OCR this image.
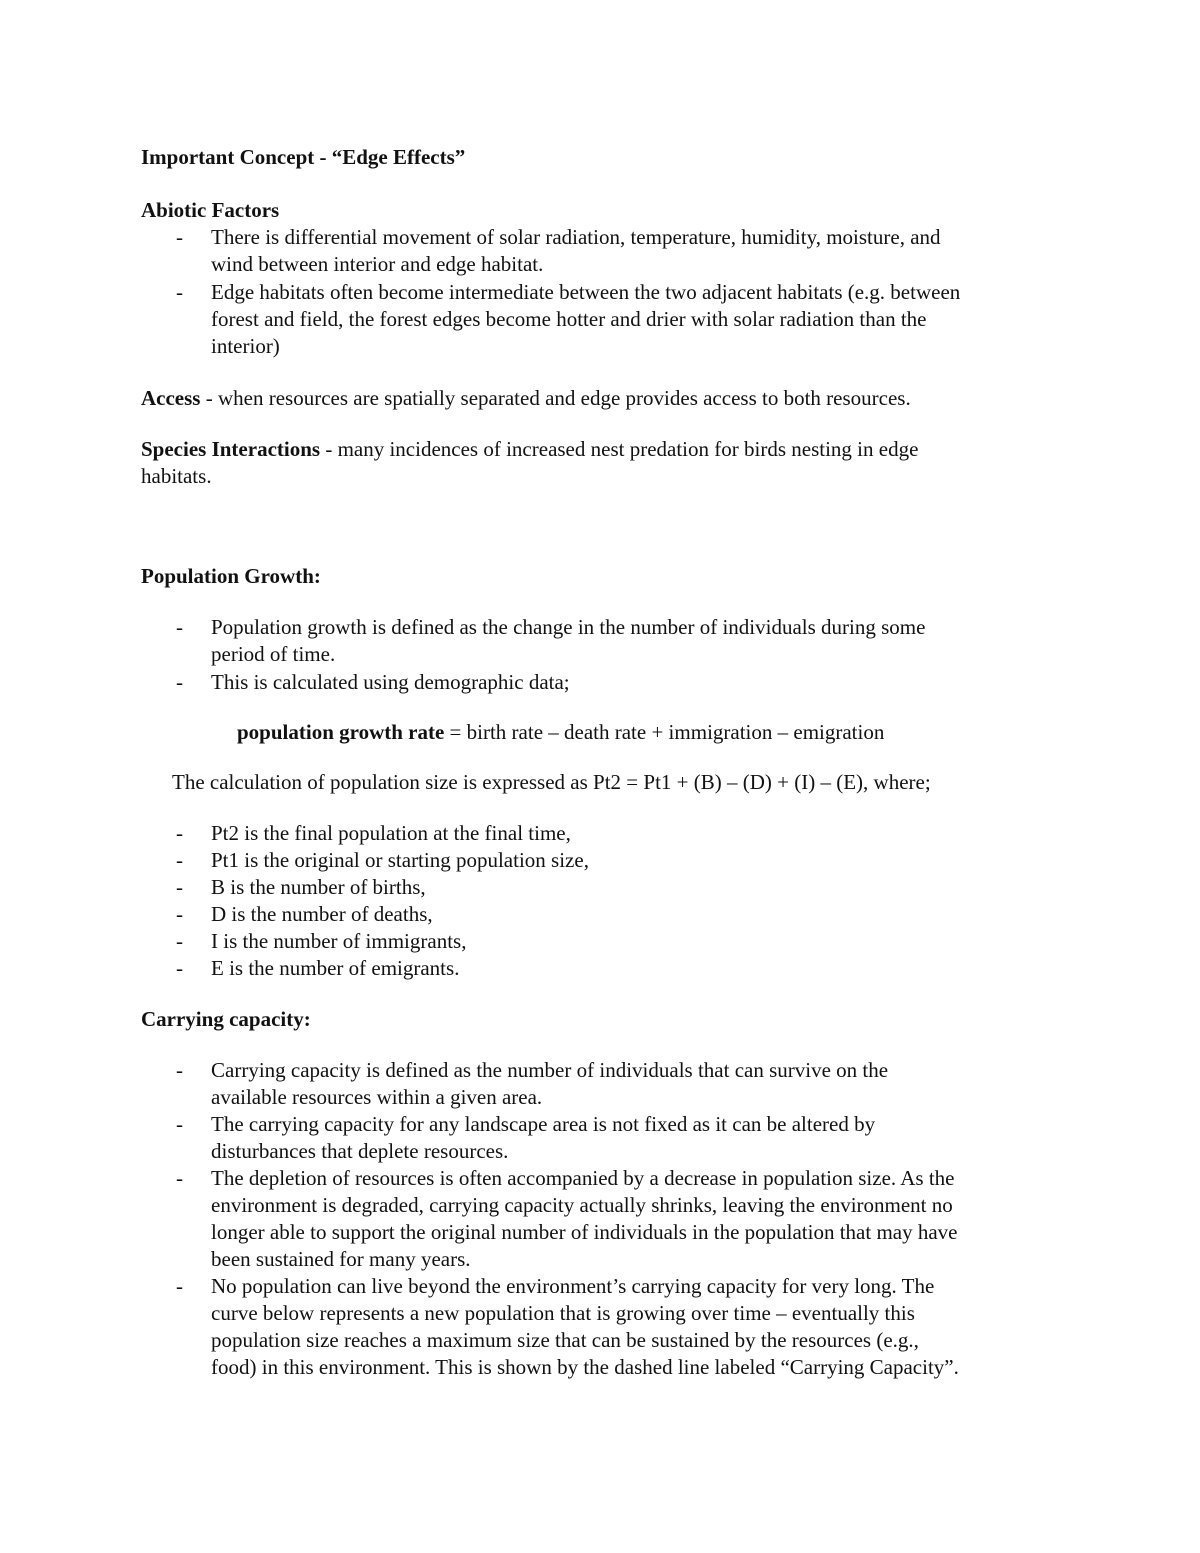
Important Concept - “Edge Effects”
Abiotic Factors
- There is differential movement of solar radiation, temperature, humidity, moisture, and
wind between interior and edge habitat.
- Edge habitats often become intermediate between the two adjacent habitats (e.g. between
forest and field, the forest edges become hotter and drier with solar radiation than the
interior)
Access - when resources are spatially separated and edge provides access to both resources.
Species Interactions - many incidences of increased nest predation for birds nesting in edge
habitats.
Population Growth:
- Population growth is defined as the change in the number of individuals during some
period of time.
- This is calculated using demographic data;
population growth rate = birth rate – death rate + immigration – emigration
The calculation of population size is expressed as Pt2 = Pt1 + (B) – (D) + (I) – (E), where;
- Pt2 is the final population at the final time,
- Pt1 is the original or starting population size,
- B is the number of births,
- D is the number of deaths,
- I is the number of immigrants,
- E is the number of emigrants.
Carrying capacity:
- Carrying capacity is defined as the number of individuals that can survive on the
available resources within a given area.
- The carrying capacity for any landscape area is not fixed as it can be altered by
disturbances that deplete resources.
- The depletion of resources is often accompanied by a decrease in population size. As the
environment is degraded, carrying capacity actually shrinks, leaving the environment no
longer able to support the original number of individuals in the population that may have
been sustained for many years.
- No population can live beyond the environment’s carrying capacity for very long. The
curve below represents a new population that is growing over time – eventually this
population size reaches a maximum size that can be sustained by the resources (e.g.,
food) in this environment. This is shown by the dashed line labeled “Carrying Capacity”.
